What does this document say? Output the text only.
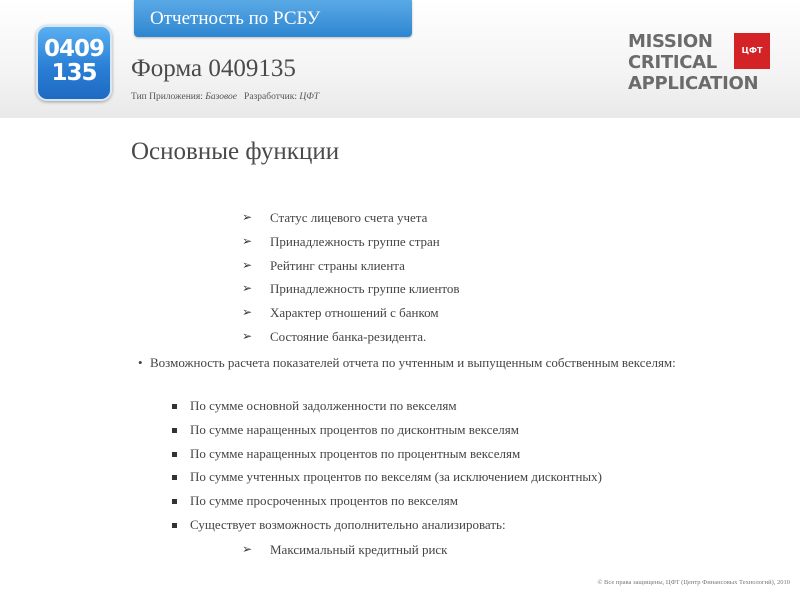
Отчетность по РСБУ
0409
135	Форма 0409135
Тип Приложения: Базовое Разработчик: ЦФТ
MISSION
CRITICAL
APPLICATION
ЦФТ
Основные функции
➢ Статус лицевого счета учета
➢ Принадлежность группе стран
➢ Рейтинг страны клиента
➢ Принадлежность группе клиентов
➢ Характер отношений с банком
➢ Состояние банка-резидента.
• Возможность расчета показателей отчета по учтенным и выпущенным собственным векселям:
По сумме основной задолженности по векселям
По сумме наращенных процентов по дисконтным векселям
По сумме наращенных процентов по процентным векселям
По сумме учтенных процентов по векселям (за исключением дисконтных)
По сумме просроченных процентов по векселям
Существует возможность дополнительно анализировать:
➢ Максимальный кредитный риск
© Все права защищены, ЦФТ (Центр Финансовых Технологий), 2010
